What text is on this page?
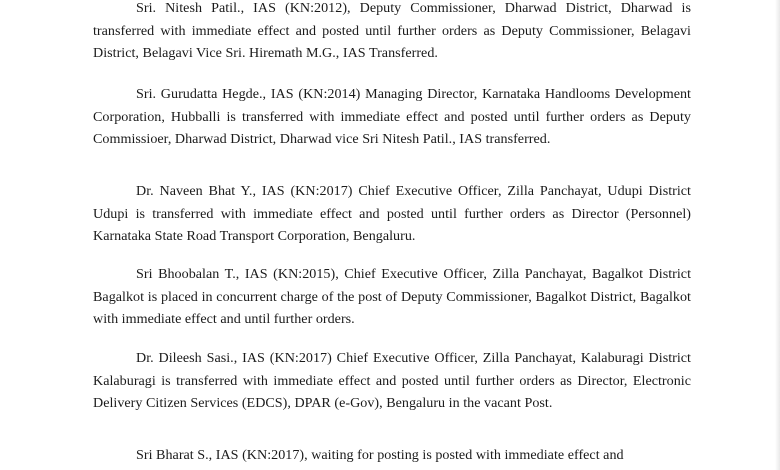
Sri. Nitesh Patil., IAS (KN:2012), Deputy Commissioner, Dharwad District, Dharwad is transferred with immediate effect and posted until further orders as Deputy Commissioner, Belagavi District, Belagavi Vice Sri. Hiremath M.G., IAS Transferred.

Sri. Gurudatta Hegde., IAS (KN:2014) Managing Director, Karnataka Handlooms Development Corporation, Hubballi is transferred with immediate effect and posted until further orders as Deputy Commissioer, Dharwad District, Dharwad vice Sri Nitesh Patil., IAS transferred.

Dr. Naveen Bhat Y., IAS (KN:2017) Chief Executive Officer, Zilla Panchayat, Udupi District Udupi is transferred with immediate effect and posted until further orders as Director (Personnel) Karnataka State Road Transport Corporation, Bengaluru.

Sri Bhoobalan T., IAS (KN:2015), Chief Executive Officer, Zilla Panchayat, Bagalkot District Bagalkot is placed in concurrent charge of the post of Deputy Commissioner, Bagalkot District, Bagalkot with immediate effect and until further orders.

Dr. Dileesh Sasi., IAS (KN:2017) Chief Executive Officer, Zilla Panchayat, Kalaburagi District Kalaburagi is transferred with immediate effect and posted until further orders as Director, Electronic Delivery Citizen Services (EDCS), DPAR (e-Gov), Bengaluru in the vacant Post.

Sri Bharat S., IAS (KN:2017), waiting for posting is posted with immediate effect and
